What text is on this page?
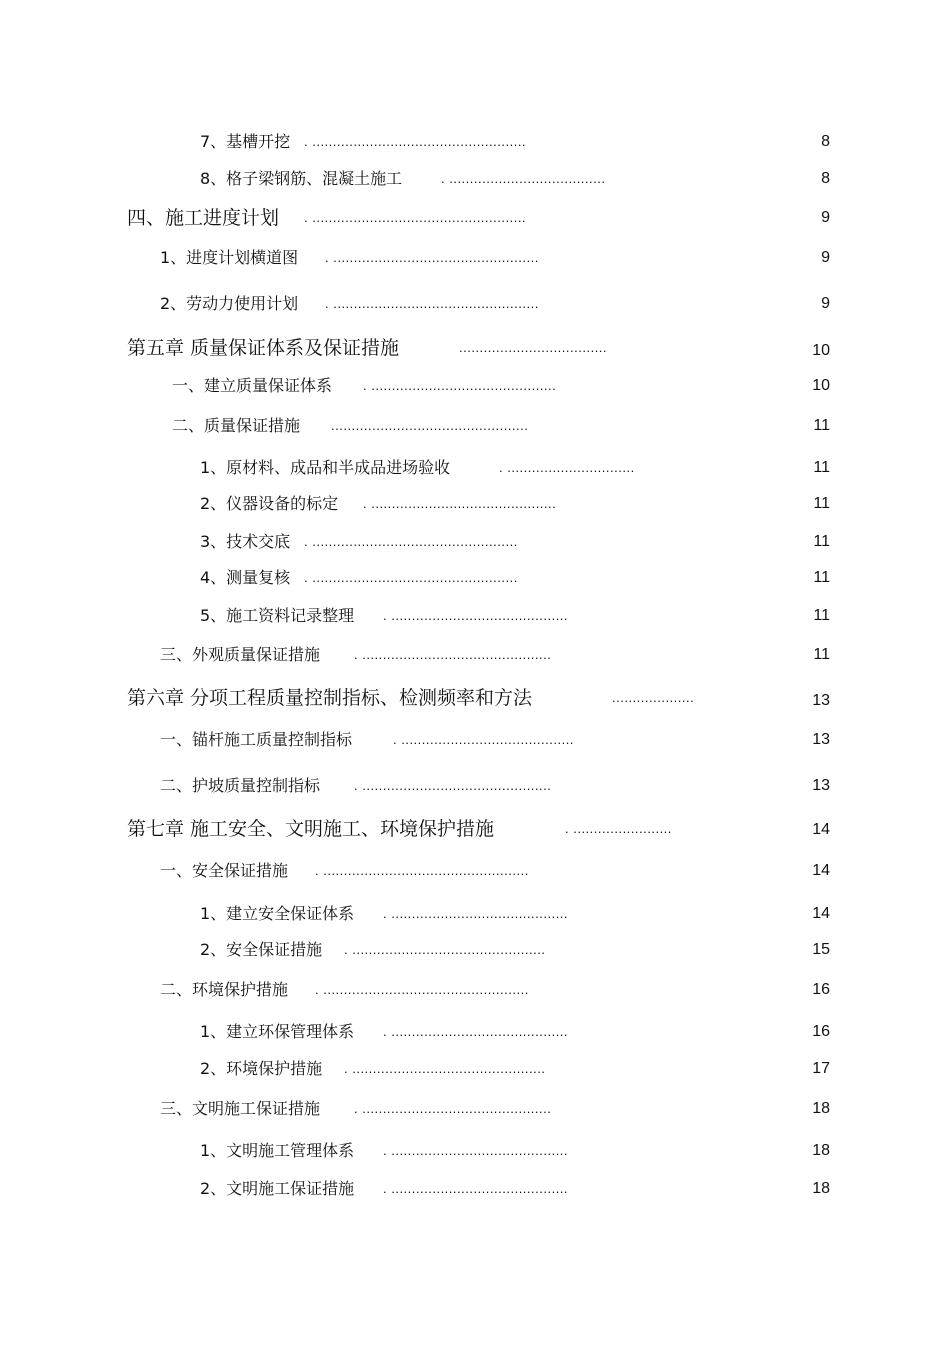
7、基槽开挖 . ....................................................	8
8、格子梁钢筋、混凝土施工	. ......................................	8
四、施工进度计划 . ....................................................	9
1、进度计划横道图 . ..................................................	9
2、劳动力使用计划 . ..................................................	9
第五章 质量保证体系及保证措施	....................................	10
一、建立质量保证体系 . .............................................	10
二、质量保证措施 ................................................	11
1、原材料、成品和半成品进场验收	. ...............................	11
2、仪器设备的标定 . .............................................	11
3、技术交底 . ..................................................	11
4、测量复核 . ..................................................	11
5、施工资料记录整理 . ...........................................	11
三、外观质量保证措施	. ..............................................	11
第六章 分项工程质量控制指标、检测频率和方法	....................	13
一、锚杆施工质量控制指标	. ..........................................	13
二、护坡质量控制指标	. ..............................................	13
第七章 施工安全、文明施工、环境保护措施	. ........................	14
一、安全保证措施 . ..................................................	14
1、建立安全保证体系 . ...........................................	14
2、安全保证措施 . ...............................................	15
二、环境保护措施 . ..................................................	16
1、建立环保管理体系 . ...........................................	16
2、环境保护措施 . ...............................................	17
三、文明施工保证措施	. ..............................................	18
1、文明施工管理体系 . ...........................................	18
2、文明施工保证措施 . ...........................................	18
